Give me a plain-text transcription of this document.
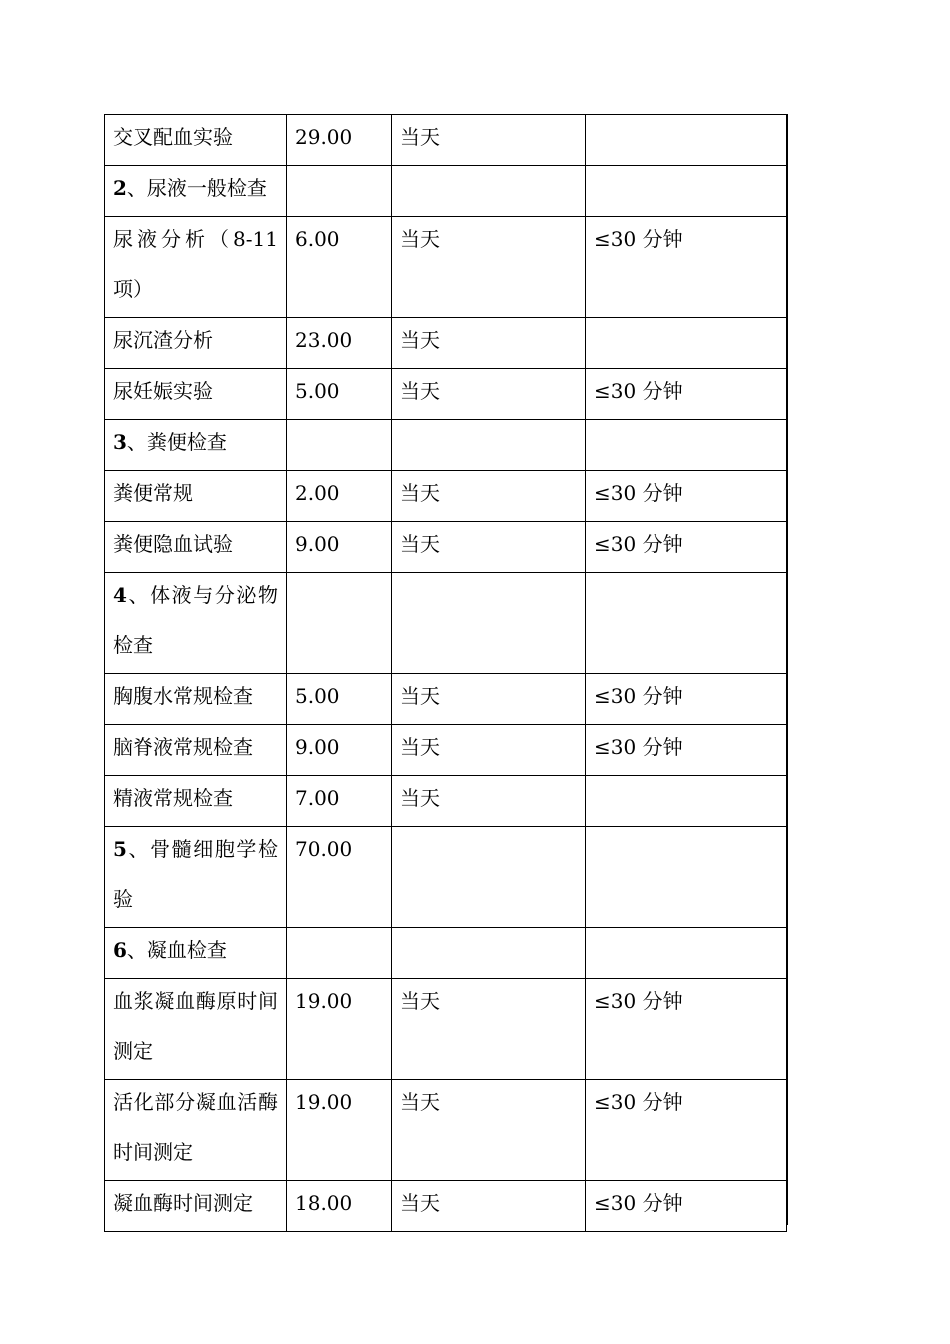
交叉配血实验	29.00	当天	

2、尿液一般检查			

尿液分析（8-11项）	6.00	当天	≤30 分钟

尿沉渣分析	23.00	当天	

尿妊娠实验	5.00	当天	≤30 分钟

3、粪便检查			

粪便常规	2.00	当天	≤30 分钟

粪便隐血试验	9.00	当天	≤30 分钟

4、体液与分泌物检查			

胸腹水常规检查	5.00	当天	≤30 分钟

脑脊液常规检查	9.00	当天	≤30 分钟

精液常规检查	7.00	当天	

5、骨髓细胞学检验	70.00		

6、凝血检查			

血浆凝血酶原时间测定	19.00	当天	≤30 分钟

活化部分凝血活酶时间测定	19.00	当天	≤30 分钟

凝血酶时间测定	18.00	当天	≤30 分钟
